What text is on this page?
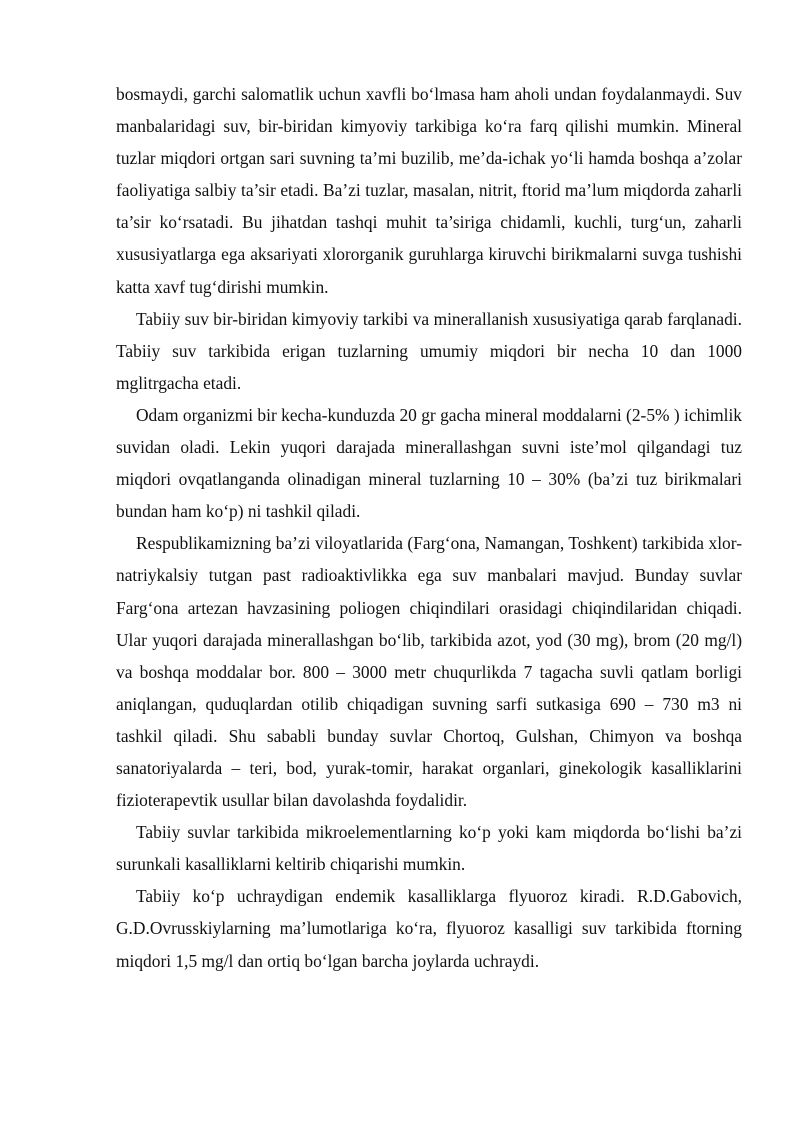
bosmaydi, garchi salomatlik uchun xavfli bo‘lmasa ham aholi undan foydalanmaydi. Suv manbalaridagi suv, bir-biridan kimyoviy tarkibiga ko‘ra farq qilishi mumkin. Mineral tuzlar miqdori ortgan sari suvning ta’mi buzilib, me’da-ichak yo‘li hamda boshqa a’zolar faoliyatiga salbiy ta’sir etadi. Ba’zi tuzlar, masalan, nitrit, ftorid ma’lum miqdorda zaharli ta’sir ko‘rsatadi. Bu jihatdan tashqi muhit ta’siriga chidamli, kuchli, turg‘un, zaharli xususiyatlarga ega aksariyati xlororganik guruhlarga kiruvchi birikmalarni suvga tushishi katta xavf tug‘dirishi mumkin.

Tabiiy suv bir-biridan kimyoviy tarkibi va minerallanish xususiyatiga qarab farqlanadi. Tabiiy suv tarkibida erigan tuzlarning umumiy miqdori bir necha 10 dan 1000 mglitrgacha etadi.

Odam organizmi bir kecha-kunduzda 20 gr gacha mineral moddalarni (2-5% ) ichimlik suvidan oladi. Lekin yuqori darajada minerallashgan suvni iste’mol qilgandagi tuz miqdori ovqatlanganda olinadigan mineral tuzlarning 10 – 30% (ba’zi tuz birikmalari bundan ham ko‘p) ni tashkil qiladi.

Respublikamizning ba’zi viloyatlarida (Farg‘ona, Namangan, Toshkent) tarkibida xlor-natriykalsiy tutgan past radioaktivlikka ega suv manbalari mavjud. Bunday suvlar Farg‘ona artezan havzasining poliogen chiqindilari orasidagi chiqindilaridan chiqadi. Ular yuqori darajada minerallashgan bo‘lib, tarkibida azot, yod (30 mg), brom (20 mg/l) va boshqa moddalar bor. 800 – 3000 metr chuqurlikda 7 tagacha suvli qatlam borligi aniqlangan, quduqlardan otilib chiqadigan suvning sarfi sutkasiga 690 – 730 m3 ni tashkil qiladi. Shu sababli bunday suvlar Chortoq, Gulshan, Chimyon va boshqa sanatoriyalarda – teri, bod, yurak-tomir, harakat organlari, ginekologik kasalliklarini fizioterapevtik usullar bilan davolashda foydalidir.

Tabiiy suvlar tarkibida mikroelementlarning ko‘p yoki kam miqdorda bo‘lishi ba’zi surunkali kasalliklarni keltirib chiqarishi mumkin.

Tabiiy ko‘p uchraydigan endemik kasalliklarga flyuoroz kiradi. R.D.Gabovich, G.D.Ovrusskiylarning ma’lumotlariga ko‘ra, flyuoroz kasalligi suv tarkibida ftorning miqdori 1,5 mg/l dan ortiq bo‘lgan barcha joylarda uchraydi.
